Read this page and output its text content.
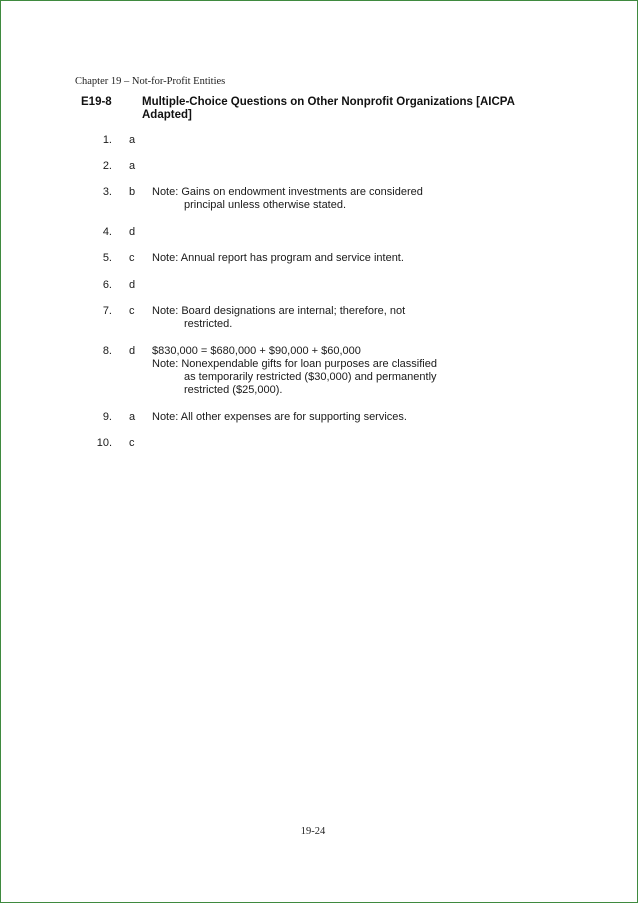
Chapter 19 – Not-for-Profit Entities
E19-8	Multiple-Choice Questions on Other Nonprofit Organizations [AICPA Adapted]
1. a
2. a
3. b Note: Gains on endowment investments are considered
principal unless otherwise stated.
4. d
5. c Note: Annual report has program and service intent.
6. d
7. c Note: Board designations are internal; therefore, not
restricted.
8. d $830,000 = $680,000 + $90,000 + $60,000
Note: Nonexpendable gifts for loan purposes are classified
as temporarily restricted ($30,000) and permanently
restricted ($25,000).
9. a Note: All other expenses are for supporting services.
10. c
19-24
